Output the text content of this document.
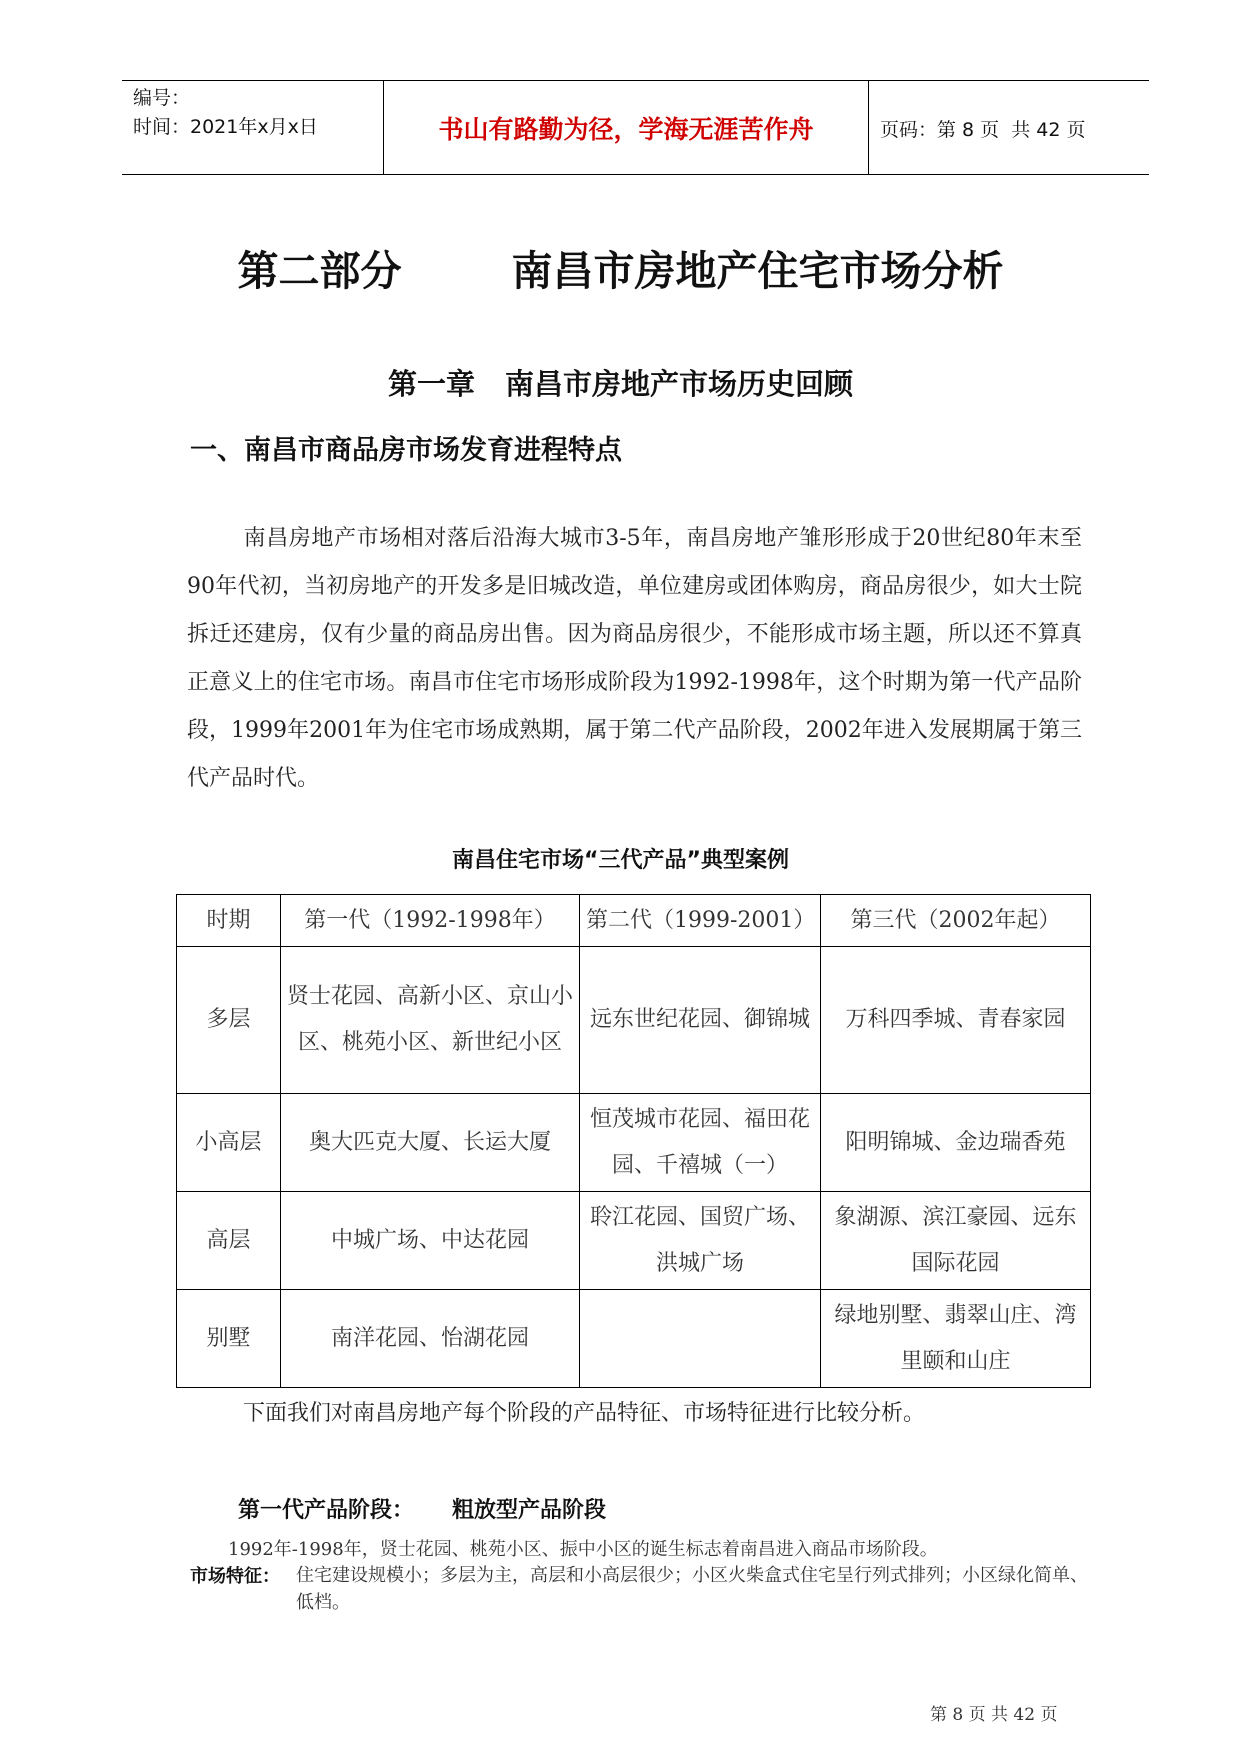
编号：
时间：2021年x月x日	书山有路勤为径，学海无涯苦作舟	页码：第 8 页  共 42 页
第二部分	南昌市房地产住宅市场分析
第一章 南昌市房地产市场历史回顾
一、南昌市商品房市场发育进程特点
南昌房地产市场相对落后沿海大城市3-5年，南昌房地产雏形形成于20世纪80年末至90年代初，当初房地产的开发多是旧城改造，单位建房或团体购房，商品房很少，如大士院拆迁还建房，仅有少量的商品房出售。因为商品房很少，不能形成市场主题，所以还不算真正意义上的住宅市场。南昌市住宅市场形成阶段为1992-1998年，这个时期为第一代产品阶段，1999年2001年为住宅市场成熟期，属于第二代产品阶段，2002年进入发展期属于第三代产品时代。
南昌住宅市场“三代产品”典型案例
时期	第一代（1992-1998年）	第二代（1999-2001）	第三代（2002年起）
多层	贤士花园、高新小区、京山小区、桃苑小区、新世纪小区	远东世纪花园、御锦城	万科四季城、青春家园
小高层	奥大匹克大厦、长运大厦	恒茂城市花园、福田花园、千禧城（一）	阳明锦城、金边瑞香苑
高层	中城广场、中达花园	聆江花园、国贸广场、洪城广场	象湖源、滨江豪园、远东国际花园
别墅	南洋花园、怡湖花园		绿地别墅、翡翠山庄、湾里颐和山庄
下面我们对南昌房地产每个阶段的产品特征、市场特征进行比较分析。
第一代产品阶段： 粗放型产品阶段
1992年-1998年，贤士花园、桃苑小区、振中小区的诞生标志着南昌进入商品市场阶段。
市场特征： 住宅建设规模小；多层为主，高层和小高层很少；小区火柴盒式住宅呈行列式排列；小区绿化简单、低档。
第 8 页 共 42 页
